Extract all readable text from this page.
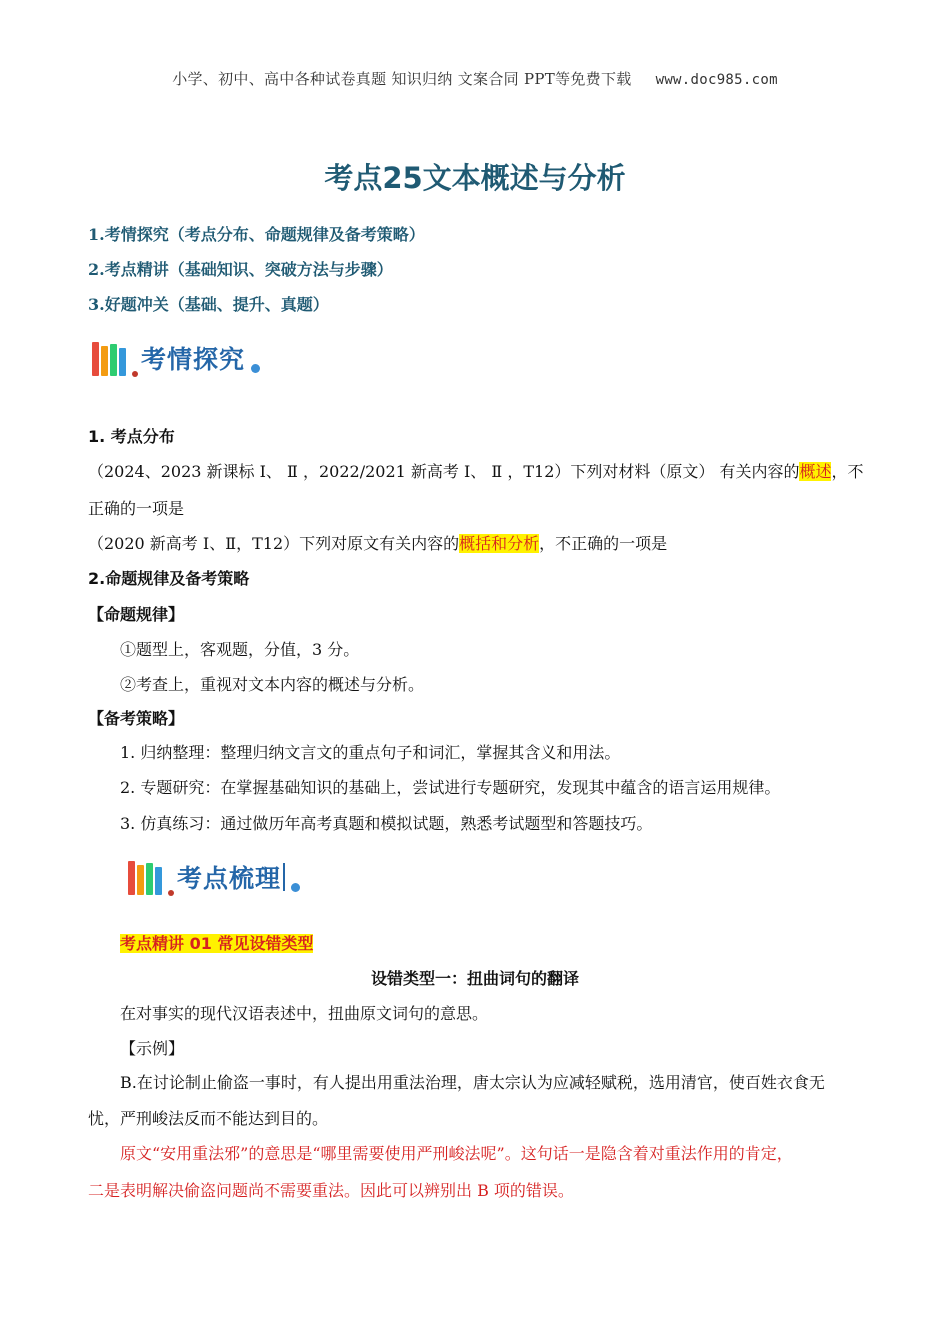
小学、初中、高中各种试卷真题 知识归纳 文案合同 PPT等免费下载 www.doc985.com
考点25文本概述与分析
1.考情探究（考点分布、命题规律及备考策略）
2.考点精讲（基础知识、突破方法与步骤）
3.好题冲关（基础、提升、真题）
考情探究
1. 考点分布
（2024、2023 新课标 I、 Ⅱ ，2022/2021 新高考 I、 Ⅱ ，T12）下列对材料（原文） 有关内容的概述，不
正确的一项是
（2020 新高考 I、Ⅱ，T12）下列对原文有关内容的概括和分析，不正确的一项是
2.命题规律及备考策略
【命题规律】
①题型上，客观题，分值，3 分。
②考查上，重视对文本内容的概述与分析。
【备考策略】
1. 归纳整理：整理归纳文言文的重点句子和词汇，掌握其含义和用法。
2. 专题研究：在掌握基础知识的基础上，尝试进行专题研究，发现其中蕴含的语言运用规律。
3. 仿真练习：通过做历年高考真题和模拟试题，熟悉考试题型和答题技巧。
考点梳理
考点精讲 01 常见设错类型
设错类型一：扭曲词句的翻译
在对事实的现代汉语表述中，扭曲原文词句的意思。
【示例】
B.在讨论制止偷盗一事时，有人提出用重法治理，唐太宗认为应减轻赋税，选用清官，使百姓衣食无
忧，严刑峻法反而不能达到目的。
原文“安用重法邪”的意思是“哪里需要使用严刑峻法呢”。这句话一是隐含着对重法作用的肯定，
二是表明解决偷盗问题尚不需要重法。因此可以辨别出 B 项的错误。
